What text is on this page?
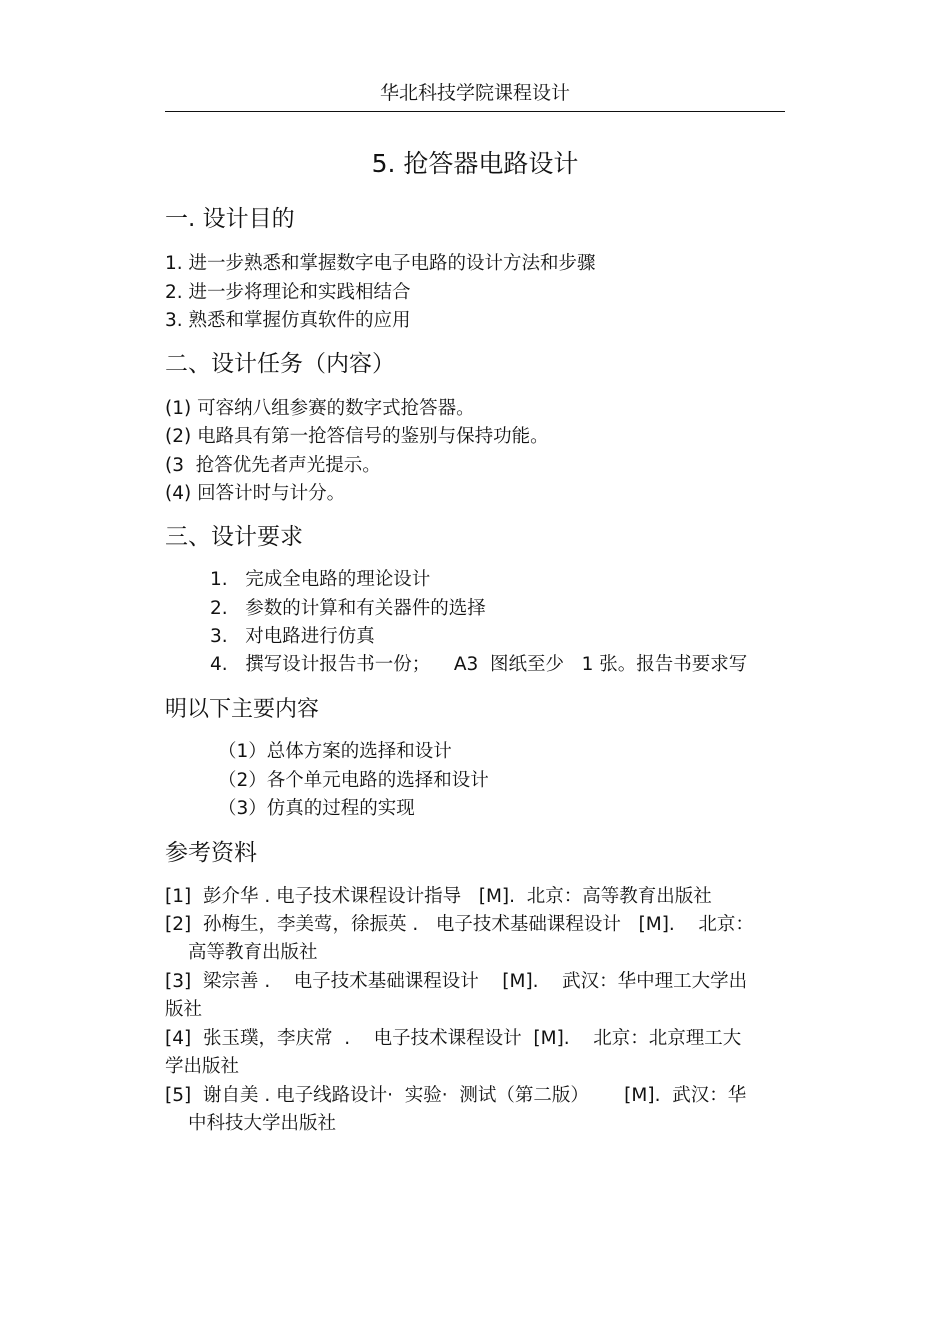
华北科技学院课程设计
5. 抢答器电路设计
一. 设计目的
1. 进一步熟悉和掌握数字电子电路的设计方法和步骤
2. 进一步将理论和实践相结合
3. 熟悉和掌握仿真软件的应用
二、设计任务（内容）
(1) 可容纳八组参赛的数字式抢答器。
(2) 电路具有第一抢答信号的鉴别与保持功能。
(3  抢答优先者声光提示。
(4) 回答计时与计分。
三、设计要求
1.   完成全电路的理论设计
2.   参数的计算和有关器件的选择
3.   对电路进行仿真
4.   撰写设计报告书一份；    A3  图纸至少   1 张。报告书要求写
明以下主要内容
（1）总体方案的选择和设计
（2）各个单元电路的选择和设计
（3）仿真的过程的实现
参考资料
[1]  彭介华 . 电子技术课程设计指导   [M].  北京：高等教育出版社
[2]  孙梅生，李美莺，徐振英 .   电子技术基础课程设计   [M].    北京：
高等教育出版社
[3]  梁宗善 .    电子技术基础课程设计    [M].    武汉：华中理工大学出
版社
[4]  张玉璞，李庆常  .    电子技术课程设计  [M].    北京：北京理工大
学出版社
[5]  谢自美 . 电子线路设计·  实验·  测试（第二版）      [M].  武汉：华
中科技大学出版社
